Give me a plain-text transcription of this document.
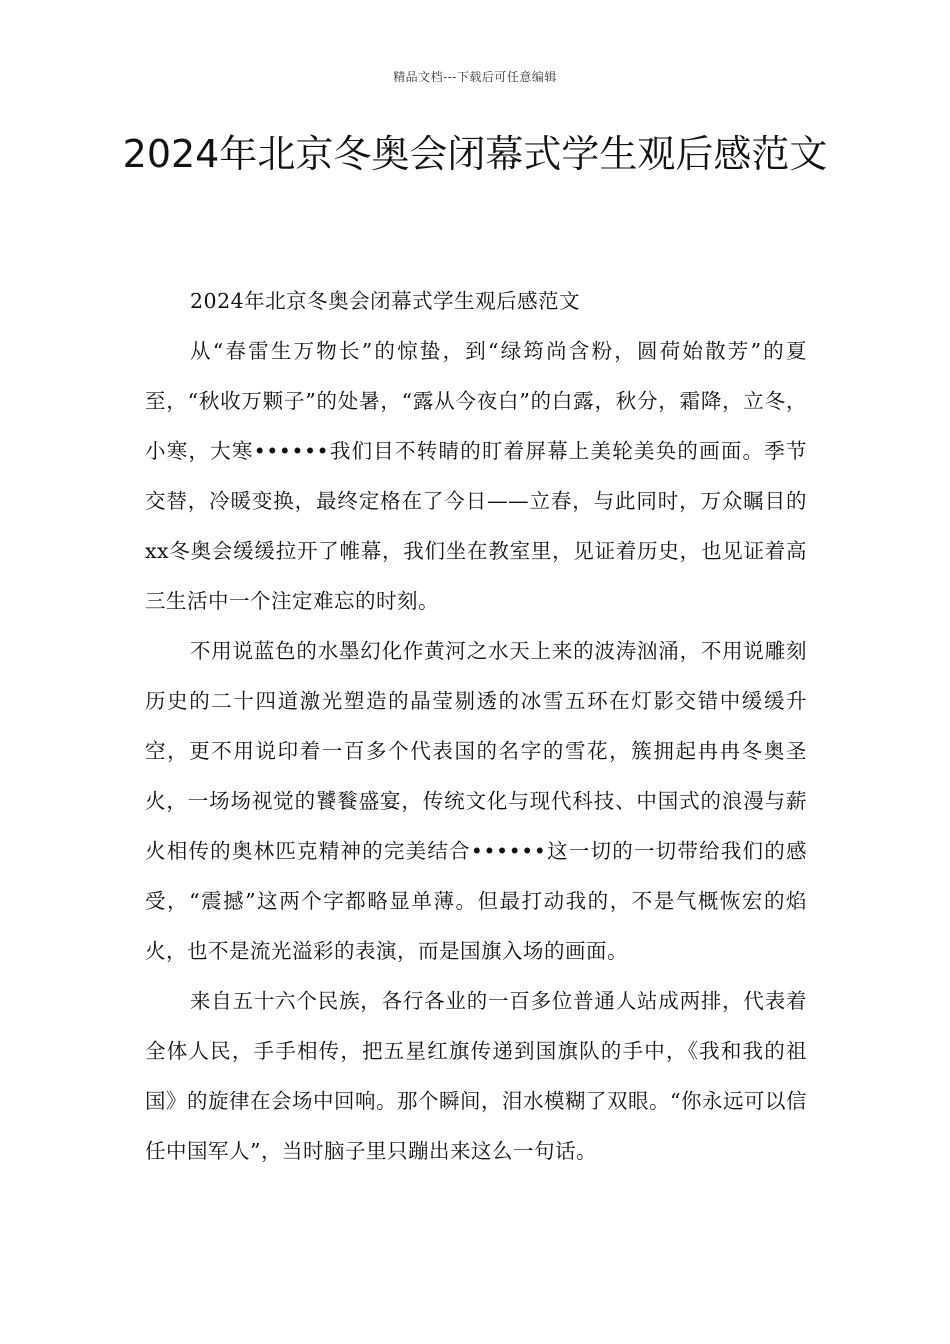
精品文档---下载后可任意编辑
2024年北京冬奥会闭幕式学生观后感范文

2024年北京冬奥会闭幕式学生观后感范文

从“春雷生万物长”的惊蛰，到“绿筠尚含粉，圆荷始散芳”的夏至，“秋收万颗子”的处暑，“露从今夜白”的白露，秋分，霜降，立冬，小寒，大寒••••••我们目不转睛的盯着屏幕上美轮美奂的画面。季节交替，冷暖变换，最终定格在了今日——立春，与此同时，万众瞩目的xx冬奥会缓缓拉开了帷幕，我们坐在教室里，见证着历史，也见证着高三生活中一个注定难忘的时刻。

不用说蓝色的水墨幻化作黄河之水天上来的波涛汹涌，不用说雕刻历史的二十四道激光塑造的晶莹剔透的冰雪五环在灯影交错中缓缓升空，更不用说印着一百多个代表国的名字的雪花，簇拥起冉冉冬奥圣火，一场场视觉的饕餮盛宴，传统文化与现代科技、中国式的浪漫与薪火相传的奥林匹克精神的完美结合••••••这一切的一切带给我们的感受，“震撼”这两个字都略显单薄。但最打动我的，不是气概恢宏的焰火，也不是流光溢彩的表演，而是国旗入场的画面。

来自五十六个民族，各行各业的一百多位普通人站成两排，代表着全体人民，手手相传，把五星红旗传递到国旗队的手中，《我和我的祖国》的旋律在会场中回响。那个瞬间，泪水模糊了双眼。“你永远可以信任中国军人”，当时脑子里只蹦出来这么一句话。
